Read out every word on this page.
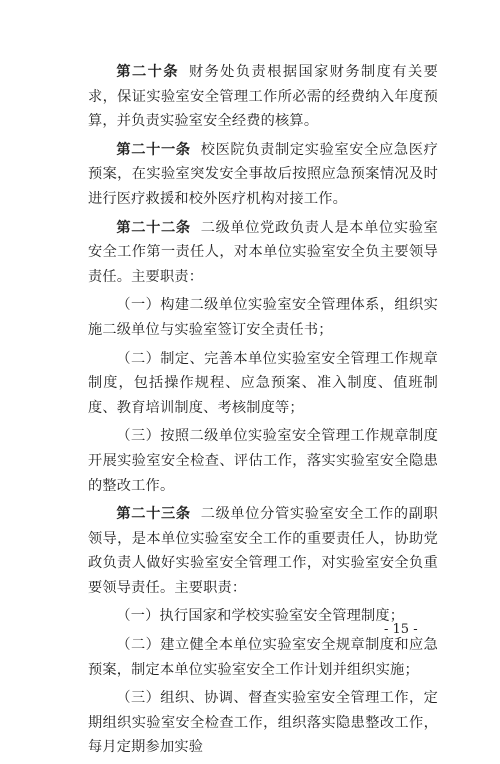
第二十条 财务处负责根据国家财务制度有关要求，保证实验室安全管理工作所必需的经费纳入年度预算，并负责实验室安全经费的核算。

第二十一条 校医院负责制定实验室安全应急医疗预案，在实验室突发安全事故后按照应急预案情况及时进行医疗救援和校外医疗机构对接工作。

第二十二条 二级单位党政负责人是本单位实验室安全工作第一责任人，对本单位实验室安全负主要领导责任。主要职责：

（一）构建二级单位实验室安全管理体系，组织实施二级单位与实验室签订安全责任书；

（二）制定、完善本单位实验室安全管理工作规章制度，包括操作规程、应急预案、准入制度、值班制度、教育培训制度、考核制度等；

（三）按照二级单位实验室安全管理工作规章制度开展实验室安全检查、评估工作，落实实验室安全隐患的整改工作。

第二十三条 二级单位分管实验室安全工作的副职领导，是本单位实验室安全工作的重要责任人，协助党政负责人做好实验室安全管理工作，对实验室安全负重要领导责任。主要职责：

（一）执行国家和学校实验室安全管理制度；

（二）建立健全本单位实验室安全规章制度和应急预案，制定本单位实验室安全工作计划并组织实施；

（三）组织、协调、督查实验室安全管理工作，定期组织实验室安全检查工作，组织落实隐患整改工作，每月定期参加实验

- 15 -
